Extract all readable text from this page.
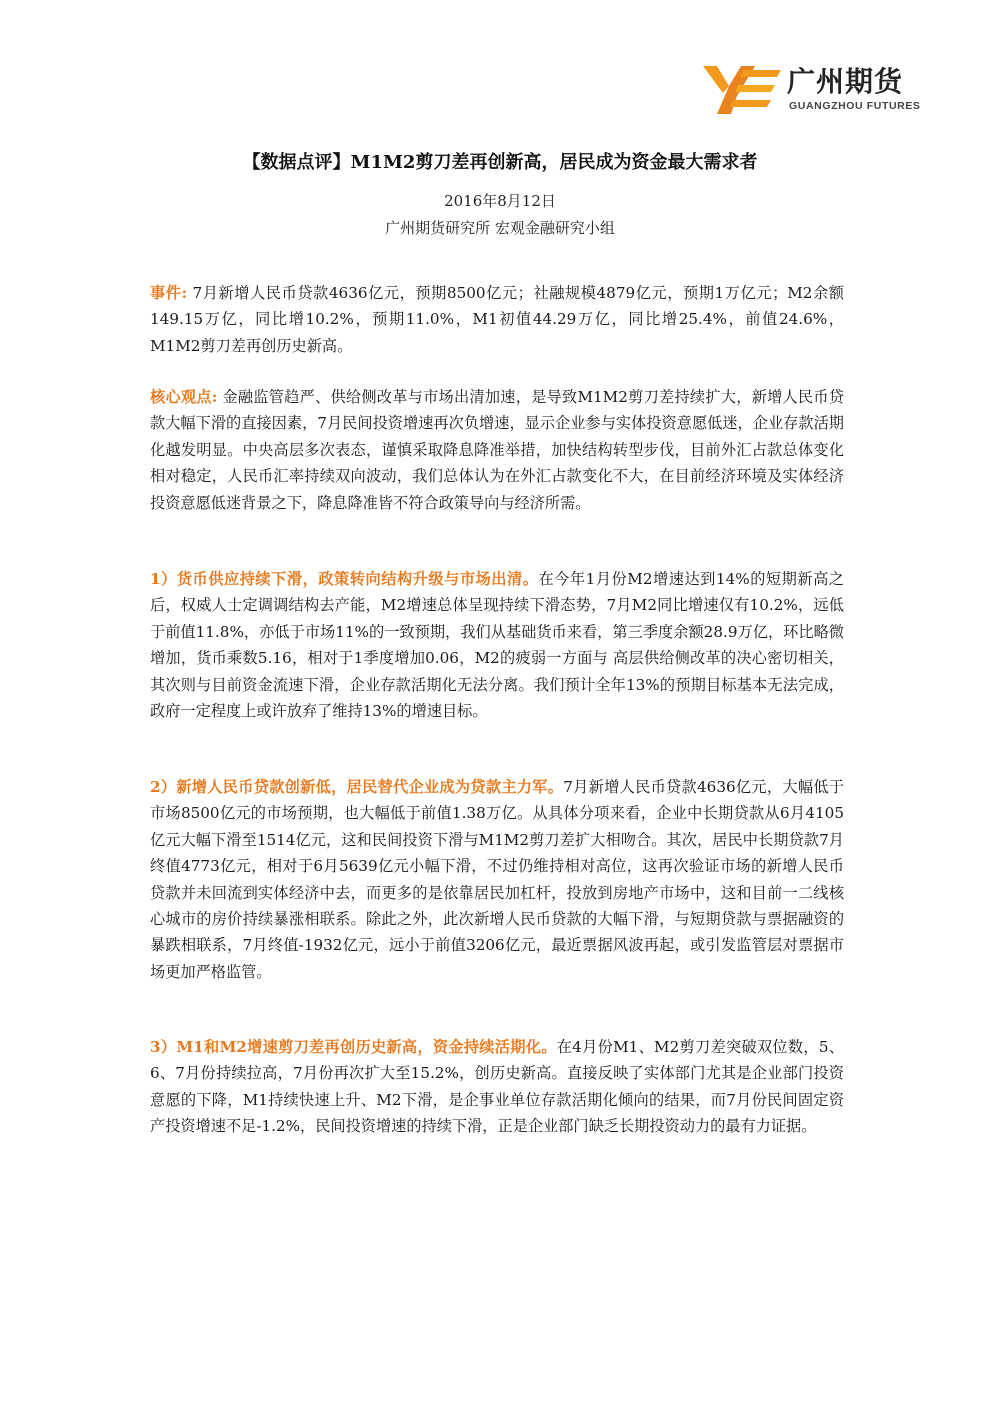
广州期货
GUANGZHOU FUTURES
【数据点评】M1M2剪刀差再创新高，居民成为资金最大需求者
2016年8月12日
广州期货研究所 宏观金融研究小组
事件: 7月新增人民币贷款4636亿元，预期8500亿元；社融规模4879亿元，预期1万亿元；M2余额149.15万亿，同比增10.2%，预期11.0%，M1初值44.29万亿，同比增25.4%，前值24.6%，M1M2剪刀差再创历史新高。
核心观点: 金融监管趋严、供给侧改革与市场出清加速，是导致M1M2剪刀差持续扩大，新增人民币贷款大幅下滑的直接因素，7月民间投资增速再次负增速，显示企业参与实体投资意愿低迷，企业存款活期化越发明显。中央高层多次表态，谨慎采取降息降准举措，加快结构转型步伐，目前外汇占款总体变化相对稳定，人民币汇率持续双向波动，我们总体认为在外汇占款变化不大，在目前经济环境及实体经济投资意愿低迷背景之下，降息降准皆不符合政策导向与经济所需。
1）货币供应持续下滑，政策转向结构升级与市场出清。在今年1月份M2增速达到14%的短期新高之后，权威人士定调调结构去产能，M2增速总体呈现持续下滑态势，7月M2同比增速仅有10.2%，远低于前值11.8%，亦低于市场11%的一致预期，我们从基础货币来看，第三季度余额28.9万亿，环比略微增加，货币乘数5.16，相对于1季度增加0.06，M2的疲弱一方面与 高层供给侧改革的决心密切相关，其次则与目前资金流速下滑，企业存款活期化无法分离。我们预计全年13%的预期目标基本无法完成，政府一定程度上或许放弃了维持13%的增速目标。
2）新增人民币贷款创新低，居民替代企业成为贷款主力军。7月新增人民币贷款4636亿元，大幅低于市场8500亿元的市场预期，也大幅低于前值1.38万亿。从具体分项来看，企业中长期贷款从6月4105亿元大幅下滑至1514亿元，这和民间投资下滑与M1M2剪刀差扩大相吻合。其次，居民中长期贷款7月终值4773亿元，相对于6月5639亿元小幅下滑，不过仍维持相对高位，这再次验证市场的新增人民币贷款并未回流到实体经济中去，而更多的是依靠居民加杠杆，投放到房地产市场中，这和目前一二线核心城市的房价持续暴涨相联系。除此之外，此次新增人民币贷款的大幅下滑，与短期贷款与票据融资的暴跌相联系，7月终值-1932亿元，远小于前值3206亿元，最近票据风波再起，或引发监管层对票据市场更加严格监管。
3）M1和M2增速剪刀差再创历史新高，资金持续活期化。在4月份M1、M2剪刀差突破双位数，5、6、7月份持续拉高，7月份再次扩大至15.2%，创历史新高。直接反映了实体部门尤其是企业部门投资意愿的下降，M1持续快速上升、M2下滑，是企事业单位存款活期化倾向的结果，而7月份民间固定资产投资增速不足-1.2%，民间投资增速的持续下滑，正是企业部门缺乏长期投资动力的最有力证据。
